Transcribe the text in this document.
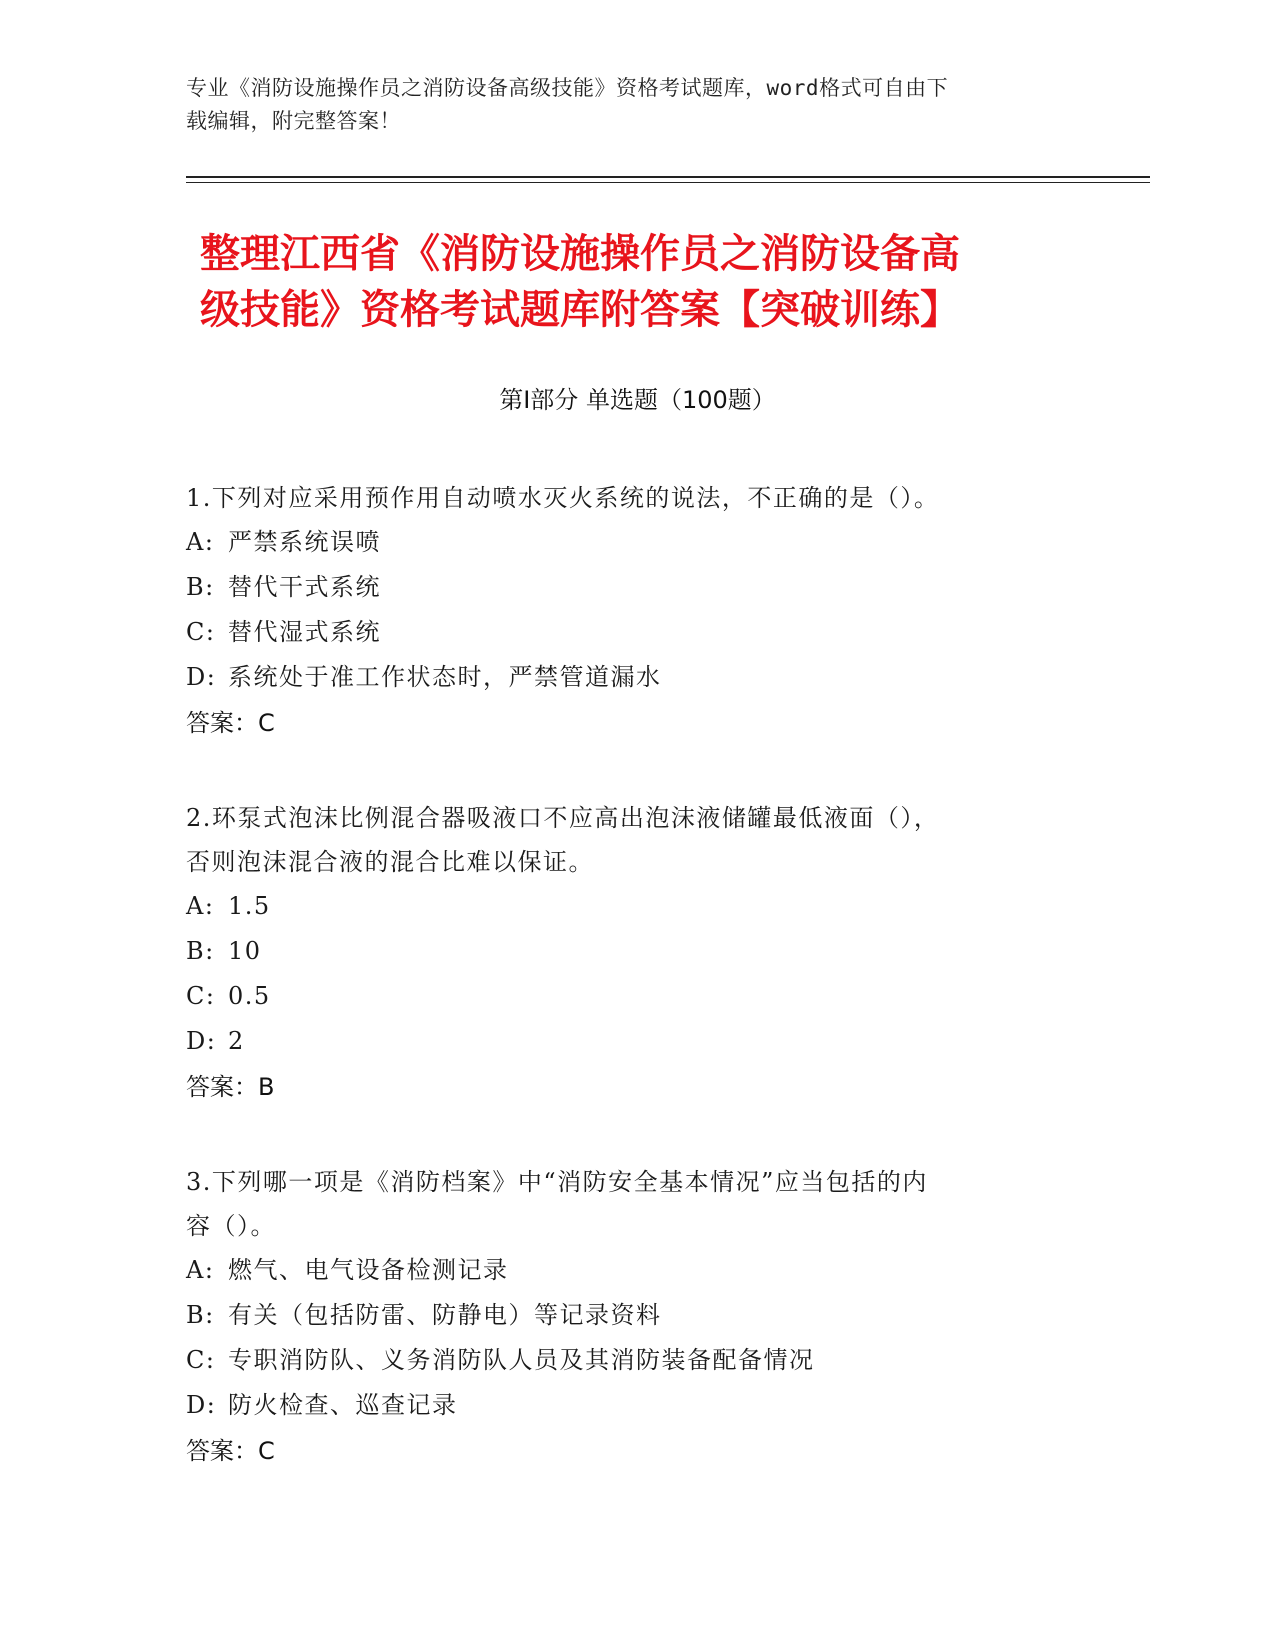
专业《消防设施操作员之消防设备高级技能》资格考试题库，word格式可自由下
载编辑，附完整答案！
整理江西省《消防设施操作员之消防设备高
级技能》资格考试题库附答案【突破训练】
第Ⅰ部分 单选题（100题）
1.下列对应采用预作用自动喷水灭火系统的说法，不正确的是（）。
A: 严禁系统误喷
B: 替代干式系统
C: 替代湿式系统
D: 系统处于准工作状态时，严禁管道漏水
答案：C
2.环泵式泡沫比例混合器吸液口不应高出泡沫液储罐最低液面（），
否则泡沫混合液的混合比难以保证。
A: 1.5
B: 10
C: 0.5
D: 2
答案：B
3.下列哪一项是《消防档案》中“消防安全基本情况”应当包括的内
容（）。
A: 燃气、电气设备检测记录
B: 有关（包括防雷、防静电）等记录资料
C: 专职消防队、义务消防队人员及其消防装备配备情况
D: 防火检查、巡查记录
答案：C
